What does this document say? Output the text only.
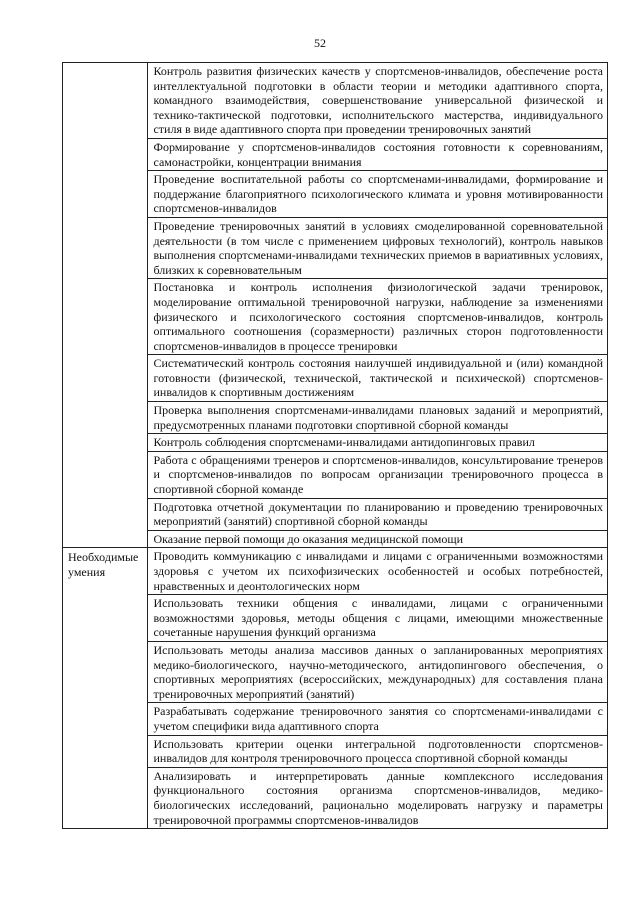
52
	Контроль развития физических качеств у спортсменов-инвалидов, обеспечение роста интеллектуальной подготовки в области теории и методики адаптивного спорта, командного взаимодействия, совершенствование универсальной физической и технико-тактической подготовки, исполнительского мастерства, индивидуального стиля в виде адаптивного спорта при проведении тренировочных занятий
	Формирование у спортсменов-инвалидов состояния готовности к соревнованиям, самонастройки, концентрации внимания
	Проведение воспитательной работы со спортсменами-инвалидами, формирование и поддержание благоприятного психологического климата и уровня мотивированности спортсменов-инвалидов
	Проведение тренировочных занятий в условиях смоделированной соревновательной деятельности (в том числе с применением цифровых технологий), контроль навыков выполнения спортсменами-инвалидами технических приемов в вариативных условиях, близких к соревновательным
	Постановка и контроль исполнения физиологической задачи тренировок, моделирование оптимальной тренировочной нагрузки, наблюдение за изменениями физического и психологического состояния спортсменов-инвалидов, контроль оптимального соотношения (соразмерности) различных сторон подготовленности спортсменов-инвалидов в процессе тренировки
	Систематический контроль состояния наилучшей индивидуальной и (или) командной готовности (физической, технической, тактической и психической) спортсменов-инвалидов к спортивным достижениям
	Проверка выполнения спортсменами-инвалидами плановых заданий и мероприятий, предусмотренных планами подготовки спортивной сборной команды
	Контроль соблюдения спортсменами-инвалидами антидопинговых правил
	Работа с обращениями тренеров и спортсменов-инвалидов, консультирование тренеров и спортсменов-инвалидов по вопросам организации тренировочного процесса в спортивной сборной команде
	Подготовка отчетной документации по планированию и проведению тренировочных мероприятий (занятий) спортивной сборной команды
	Оказание первой помощи до оказания медицинской помощи
Необходимые умения	Проводить коммуникацию с инвалидами и лицами с ограниченными возможностями здоровья с учетом их психофизических особенностей и особых потребностей, нравственных и деонтологических норм
	Использовать техники общения с инвалидами, лицами с ограниченными возможностями здоровья, методы общения с лицами, имеющими множественные сочетанные нарушения функций организма
	Использовать методы анализа массивов данных о запланированных мероприятиях медико-биологического, научно-методического, антидопингового обеспечения, о спортивных мероприятиях (всероссийских, международных) для составления плана тренировочных мероприятий (занятий)
	Разрабатывать содержание тренировочного занятия со спортсменами-инвалидами с учетом специфики вида адаптивного спорта
	Использовать критерии оценки интегральной подготовленности спортсменов-инвалидов для контроля тренировочного процесса спортивной сборной команды
	Анализировать и интерпретировать данные комплексного исследования функционального состояния организма спортсменов-инвалидов, медико-биологических исследований, рационально моделировать нагрузку и параметры тренировочной программы спортсменов-инвалидов
